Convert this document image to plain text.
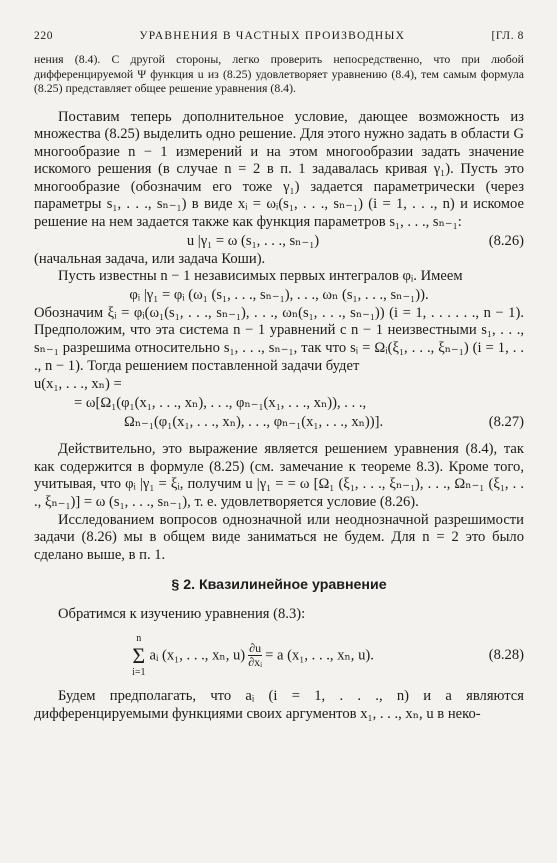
220	УРАВНЕНИЯ В ЧАСТНЫХ ПРОИЗВОДНЫХ	[ГЛ. 8

нения (8.4). С другой стороны, легко проверить непосредственно, что при любой дифференцируемой Ψ функция u из (8.25) удовлетворяет уравнению (8.4), тем самым формула (8.25) представляет общее решение уравнения (8.4).

Поставим теперь дополнительное условие, дающее возможность из множества (8.25) выделить одно решение. Для этого нужно задать в области G многообразие n − 1 измерений и на этом многообразии задать значение искомого решения (в случае n = 2 в п. 1 задавалась кривая γ₁). Пусть это многообразие (обозначим его тоже γ₁) задается параметрически (через параметры s₁, . . ., sₙ₋₁) в виде xᵢ = ωᵢ(s₁, . . ., sₙ₋₁) (i = 1, . . ., n) и искомое решение на нем задается также как функция параметров s₁, . . ., sₙ₋₁:

u |γ₁ = ω (s₁, . . ., sₙ₋₁)	(8.26)

(начальная задача, или задача Коши).

Пусть известны n − 1 независимых первых интегралов φᵢ. Имеем

φᵢ |γ₁ = φᵢ (ω₁ (s₁, . . ., sₙ₋₁), . . ., ωₙ (s₁, . . ., sₙ₋₁)).

Обозначим ξᵢ = φᵢ(ω₁(s₁, . . ., sₙ₋₁), . . ., ωₙ(s₁, . . ., sₙ₋₁)) (i = 1, . . . . . ., n − 1). Предположим, что эта система n − 1 уравнений с n − 1 неизвестными s₁, . . ., sₙ₋₁ разрешима относительно s₁, . . ., sₙ₋₁, так что sᵢ = Ωᵢ(ξ₁, . . ., ξₙ₋₁) (i = 1, . . ., n − 1). Тогда решением поставленной задачи будет

u(x₁, . . ., xₙ) =
= ω[Ω₁(φ₁(x₁, . . ., xₙ), . . ., φₙ₋₁(x₁, . . ., xₙ)), . . .,
Ωₙ₋₁(φ₁(x₁, . . ., xₙ), . . ., φₙ₋₁(x₁, . . ., xₙ))].	(8.27)

Действительно, это выражение является решением уравнения (8.4), так как содержится в формуле (8.25) (см. замечание к теореме 8.3). Кроме того, учитывая, что φᵢ |γ₁ = ξᵢ, получим u |γ₁ = = ω [Ω₁ (ξ₁, . . ., ξₙ₋₁), . . ., Ωₙ₋₁ (ξ₁, . . ., ξₙ₋₁)] = ω (s₁, . . ., sₙ₋₁), т. е. удовлетворяется условие (8.26).

Исследованием вопросов однозначной или неоднозначной разрешимости задачи (8.26) мы в общем виде заниматься не будем. Для n = 2 это было сделано выше, в п. 1.

§ 2. Квазилинейное уравнение

Обратимся к изучению уравнения (8.3):

n
Σ
i=1
aᵢ (x₁, . . ., xₙ, $u) \frac{\partial u}{\text{∂xᵢ}} = a$ (x₁, . . ., xₙ, u).	(8.28)

Будем предполагать, что aᵢ (i = 1, . . ., n) и a являются дифференцируемыми функциями своих аргументов x₁, . . ., xₙ, u в неко-
